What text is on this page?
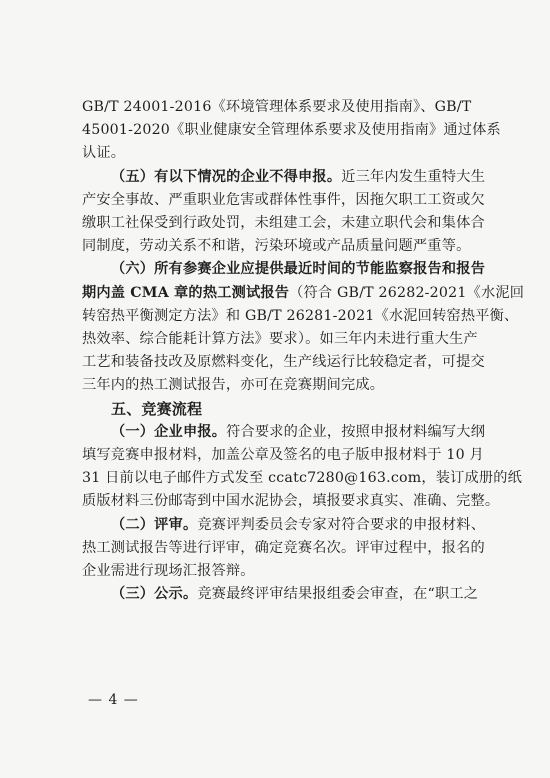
GB/T 24001-2016《环境管理体系要求及使用指南》、GB/T
45001-2020《职业健康安全管理体系要求及使用指南》通过体系
认证。
（五）有以下情况的企业不得申报。近三年内发生重特大生
产安全事故、严重职业危害或群体性事件，因拖欠职工工资或欠
缴职工社保受到行政处罚，未组建工会，未建立职代会和集体合
同制度，劳动关系不和谐，污染环境或产品质量问题严重等。
（六）所有参赛企业应提供最近时间的节能监察报告和报告
期内盖 CMA 章的热工测试报告（符合 GB/T 26282-2021《水泥回
转窑热平衡测定方法》和 GB/T 26281-2021《水泥回转窑热平衡、
热效率、综合能耗计算方法》要求）。如三年内未进行重大生产
工艺和装备技改及原燃料变化，生产线运行比较稳定者，可提交
三年内的热工测试报告，亦可在竞赛期间完成。
五、竞赛流程
（一）企业申报。符合要求的企业，按照申报材料编写大纲
填写竞赛申报材料，加盖公章及签名的电子版申报材料于 10 月
31 日前以电子邮件方式发至 ccatc7280@163.com，装订成册的纸
质版材料三份邮寄到中国水泥协会，填报要求真实、准确、完整。
（二）评审。竞赛评判委员会专家对符合要求的申报材料、
热工测试报告等进行评审，确定竞赛名次。评审过程中，报名的
企业需进行现场汇报答辩。
（三）公示。竞赛最终评审结果报组委会审查，在“职工之
— 4 —
